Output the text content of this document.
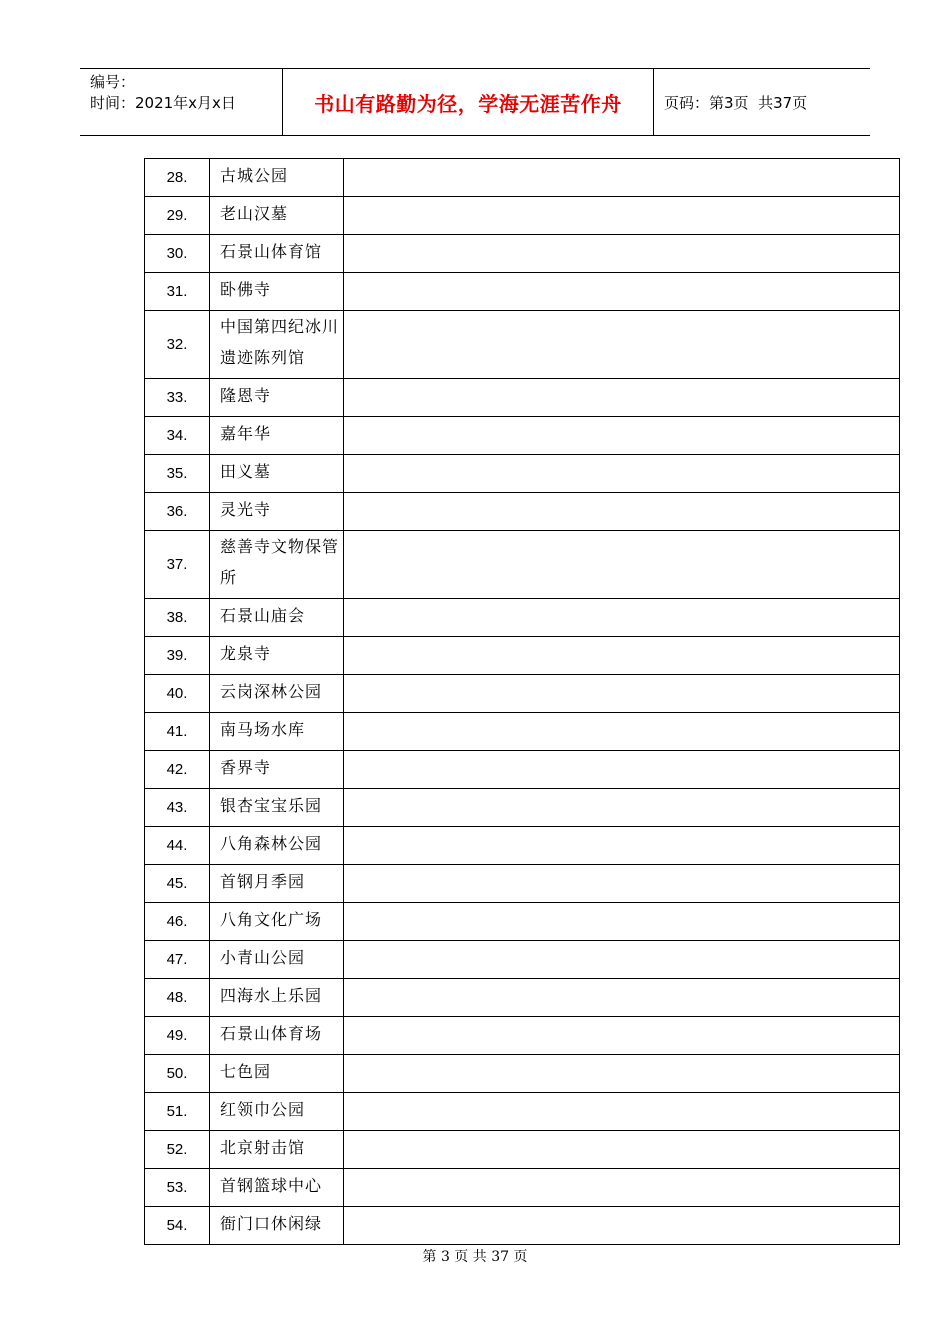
编号：
时间：2021年x月x日	书山有路勤为径，学海无涯苦作舟	页码：第3页  共37页
28.	古城公园	
29.	老山汉墓	
30.	石景山体育馆	
31.	卧佛寺	
32.	中国第四纪冰川遗迹陈列馆	
33.	隆恩寺	
34.	嘉年华	
35.	田义墓	
36.	灵光寺	
37.	慈善寺文物保管所	
38.	石景山庙会	
39.	龙泉寺	
40.	云岗深林公园	
41.	南马场水库	
42.	香界寺	
43.	银杏宝宝乐园	
44.	八角森林公园	
45.	首钢月季园	
46.	八角文化广场	
47.	小青山公园	
48.	四海水上乐园	
49.	石景山体育场	
50.	七色园	
51.	红领巾公园	
52.	北京射击馆	
53.	首钢篮球中心	
54.	衙门口休闲绿	
第 3 页 共 37 页
